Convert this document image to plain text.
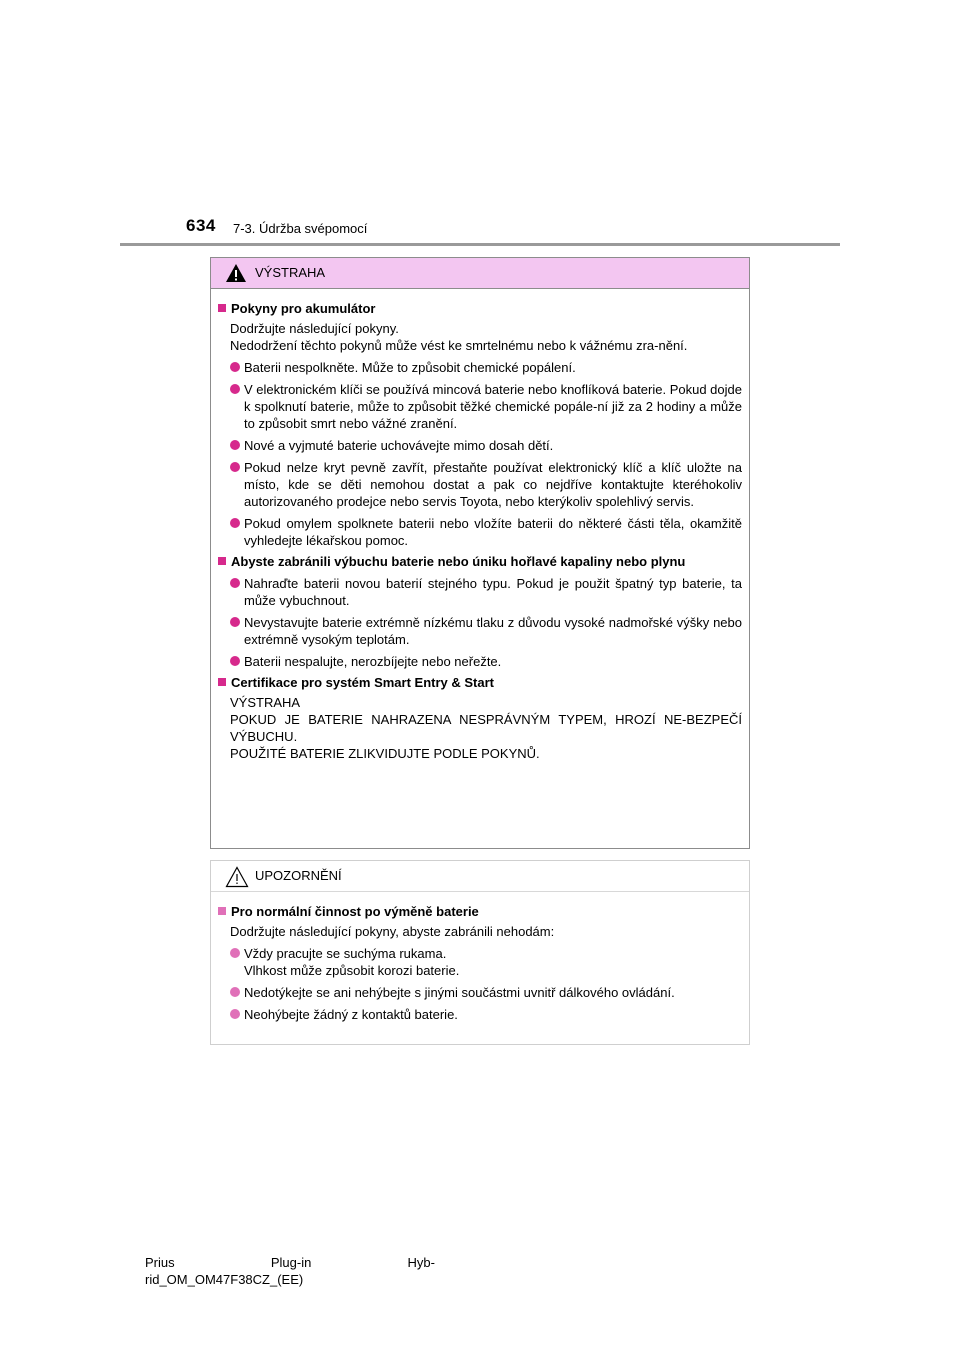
634 7-3. Údržba svépomocí
VÝSTRAHA
Pokyny pro akumulátor
Dodržujte následující pokyny.
Nedodržení těchto pokynů může vést ke smrtelnému nebo k vážnému zra-nění.
Baterii nespolkněte. Může to způsobit chemické popálení.
V elektronickém klíči se používá mincová baterie nebo knoflíková baterie. Pokud dojde k spolknutí baterie, může to způsobit těžké chemické popále-ní již za 2 hodiny a může to způsobit smrt nebo vážné zranění.
Nové a vyjmuté baterie uchovávejte mimo dosah dětí.
Pokud nelze kryt pevně zavřít, přestaňte používat elektronický klíč a klíč uložte na místo, kde se děti nemohou dostat a pak co nejdříve kontaktujte kteréhokoliv autorizovaného prodejce nebo servis Toyota, nebo kterýkoliv spolehlivý servis.
Pokud omylem spolknete baterii nebo vložíte baterii do některé části těla, okamžitě vyhledejte lékařskou pomoc.
Abyste zabránili výbuchu baterie nebo úniku hořlavé kapaliny nebo plynu
Nahraďte baterii novou baterií stejného typu. Pokud je použit špatný typ baterie, ta může vybuchnout.
Nevystavujte baterie extrémně nízkému tlaku z důvodu vysoké nadmořské výšky nebo extrémně vysokým teplotám.
Baterii nespalujte, nerozbíjejte nebo neřežte.
Certifikace pro systém Smart Entry & Start
VÝSTRAHA
POKUD JE BATERIE NAHRAZENA NESPRÁVNÝM TYPEM, HROZÍ NE-BEZPEČÍ VÝBUCHU.
POUŽITÉ BATERIE ZLIKVIDUJTE PODLE POKYNŮ.
UPOZORNĚNÍ
Pro normální činnost po výměně baterie
Dodržujte následující pokyny, abyste zabránili nehodám:
Vždy pracujte se suchýma rukama.
Vlhkost může způsobit korozi baterie.
Nedotýkejte se ani nehýbejte s jinými součástmi uvnitř dálkového ovládání.
Neohýbejte žádný z kontaktů baterie.
Prius	Plug-in	Hyb-
rid_OM_OM47F38CZ_(EE)
